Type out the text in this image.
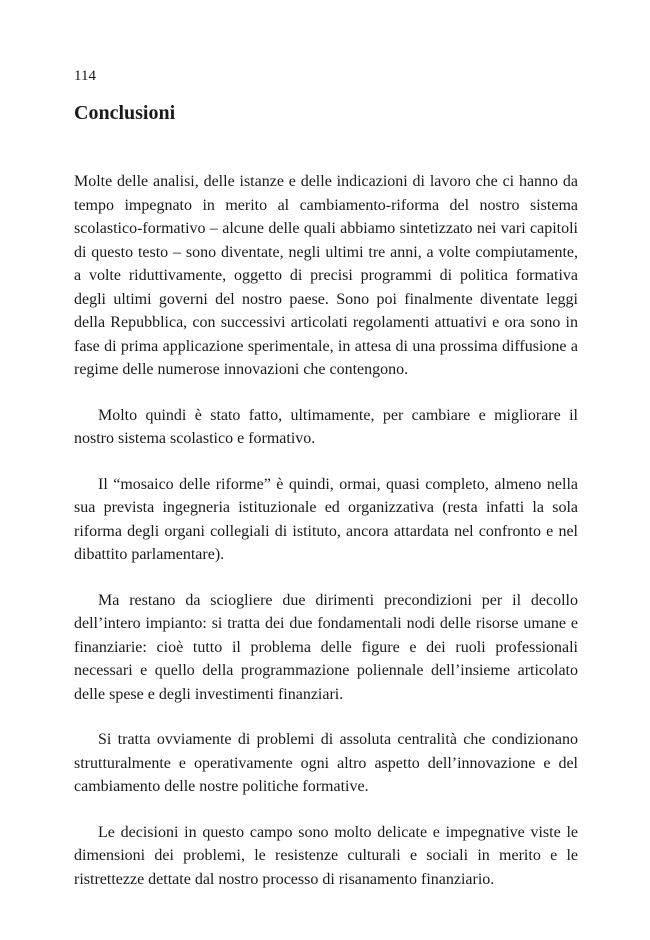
114

Conclusioni

Molte delle analisi, delle istanze e delle indicazioni di lavoro che ci hanno da tempo impegnato in merito al cambiamento-riforma del nostro sistema scolastico-formativo – alcune delle quali abbiamo sintetizzato nei vari capitoli di questo testo – sono diventate, negli ultimi tre anni, a volte compiutamente, a volte riduttivamente, oggetto di precisi programmi di politica formativa degli ultimi governi del nostro paese. Sono poi finalmente diventate leggi della Repubblica, con successivi articolati regolamenti attuativi e ora sono in fase di prima applicazione sperimentale, in attesa di una prossima diffusione a regime delle numerose innovazioni che contengono.

Molto quindi è stato fatto, ultimamente, per cambiare e migliorare il nostro sistema scolastico e formativo.

Il “mosaico delle riforme” è quindi, ormai, quasi completo, almeno nella sua prevista ingegneria istituzionale ed organizzativa (resta infatti la sola riforma degli organi collegiali di istituto, ancora attardata nel confronto e nel dibattito parlamentare).

Ma restano da sciogliere due dirimenti precondizioni per il decollo dell’intero impianto: si tratta dei due fondamentali nodi delle risorse umane e finanziarie: cioè tutto il problema delle figure e dei ruoli professionali necessari e quello della programmazione poliennale dell’insieme articolato delle spese e degli investimenti finanziari.

Si tratta ovviamente di problemi di assoluta centralità che condizionano strutturalmente e operativamente ogni altro aspetto dell’innovazione e del cambiamento delle nostre politiche formative.

Le decisioni in questo campo sono molto delicate e impegnative viste le dimensioni dei problemi, le resistenze culturali e sociali in merito e le ristrettezze dettate dal nostro processo di risanamento finanziario.
